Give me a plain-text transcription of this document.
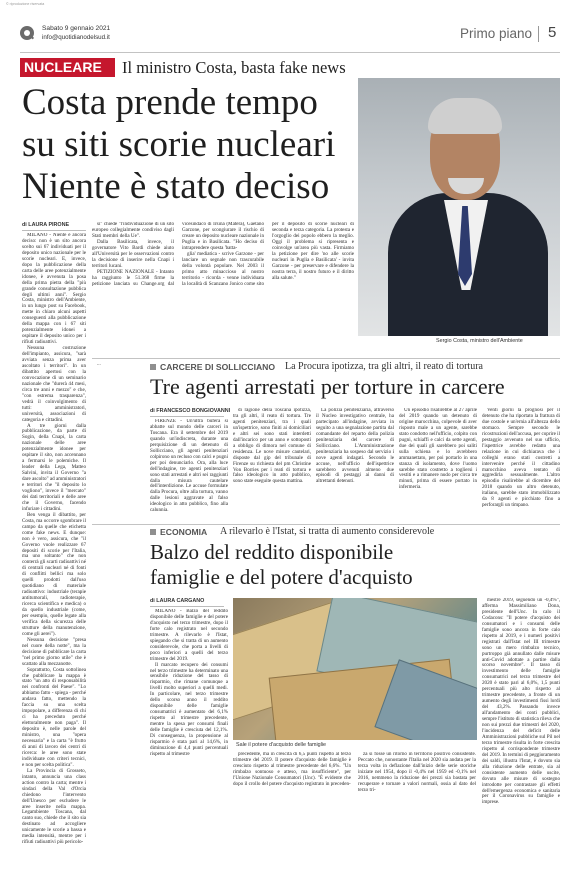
© riproduzione riservata
Sabato 9 gennaio 2021
info@quotidianodelsud.it	Primo piano 5
NUCLEARE	Il ministro Costa, basta fake news
Costa prende tempo
su siti scorie nucleari
Niente è stato deciso
Sergio Costa, ministro dell'Ambiente
di LAURA PIRONE

MILANO - Niente è ancora deciso: non è un sito ancora scelto sui 67 individuati per il deposito unico nazionale per le scorie nucleari. E, invece, dopo la pubblicazione della carta delle aree potenzialmente idonee, è avvenuta la posa della prima pietra della "più grande consultazione pubblica degli ultimi anni". Sergio Costa, ministro dell'Ambiente, in un lungo post su Facebook, mette in chiaro alcuni aspetti conseguenti alla pubblicazione della mappa con i 67 siti potenzialmente idonei a ospitare il deposito unico per i rifiuti radioattivi.

Nessuna costruzione dell'impianto, assicura, "sarà avviata senza prima aver ascoltato i territori". In un dibattito apertosi con la convocazione di un seminario nazionale che "durerà 44 mesi, circa tre anni e mezzo" e che, "con estrema trasparenza", vedrà il coinvolgimento di tutti: amministratori, università, associazioni di categoria e cittadini.

A tre giorni dalla pubblicazione, da parte di Sogin, della Cnapi, la carta nazionale delle aree potenzialmente idonee per ospitare il sito, non accennano a fermarsi le polemiche. Il leader della Lega, Matteo Salvini, invita il Governo "a dare ascolto" ad amministratori e territori che "il deposito lo vogliono", invece il "mercato" dei dati territoriali e delle aree che il Governo, facendo infuriare i cittadini.

Ben venga il dibattito, per Costa, ma occorre sgombrare il campo da quelle che etichetta come fake news. E dunque: non è vero, assicura, che "il Governo vuole realizzare 67 depositi di scorie per l'Italia, ma uno soltanto" che non conterrà gli scarti radioattivi né di centrali nucleari né di fonti di conflitti bellici ma solo quelli prodotti dall'uso quotidiano di materiale radioattivo: industriale (terapie antitumorali, radioterapie, ricerca scientifica e medica) o da quello industriale (come, per esempio, quelle legate alla verifica della sicurezza delle strutture della manutenzione, come gli aerei").

Nessuna decisione "presa nel cuore della notte", ma la decisione di pubblicare la carta "nel primo giorno utile" che è scattato alla mezzanotte.

Soprattutto, Costa sottolinea che pubblicare la mappa è stato "un atto di responsabilità nei confronti del Paese". "Lo abbiamo fatto - spiega - perché andava fatto, mettendo la faccia su una scelta impopolare, a differenza di chi ci ha preceduto perché elettoralmente non paga". Il deposito è, nelle parole del ministro, una "opera necessaria" e la carta "è frutto di anni di lavoro dei centri di ricerca: le aree sono state individuate con criteri tecnici, e non per scelta politica".

La Provincia di Grosseto, intanto, annuncia una class action contro la carta; mentre i sindaci della Val d'Orcia chiedono l'intervento dell'Unesco per escludere le aree inserite nella mappa. Legambiente Toscana, dal canto suo, chiede che il sito sia destinato ad accogliere unicamente le scorie a bassa e media intensità, mentre per i rifiuti radioattivi più pericolo-

si" chiede "l'individuazione di un sito europeo collegialmente condiviso dagli Stati membri della Ue".

Dalla Basilicata, invece, il governatore Vito Bardi chiede aiuto all'Università per le osservazioni contro la decisione di inserire nella Cnapi i territori lucani.

PETIZIONE NAZIONALE - Intanto ha raggiunto le 51.368 firme la petizione lanciata su Change.org dal vicesindaco di Irsina (Matera), Gaetano Garzone, per scongiurare il rischio di creare un deposito nucleare nazionale in Puglia e in Basilicata. "Ho deciso di intraprendere questa 'batta-

glia' mediatica - scrive Garzone - per lanciare un segnale non trascurabile della volontà popolare. Nel 2003 il primo atto minaccioso al nostro territorio - ricorda - venne individuata la località di Scanzano Jonico come sito per il deposito di scorie nucleari di seconda e terza categoria. La protesta e l'orgoglio dei popolo ebbero la meglio. Oggi il problema si ripresenta e coinvolge un'area più vasta. Firmiamo la petizione per dire 'no alle scorie nucleari in Puglia e Basilicata' - invita Garzone - per preservare e difendere la nostra terra, il nostro futuro e il diritto alla salute."

CARCERE DI SOLLICCIANO La Procura ipotizza, tra gli altri, il reato di tortura
Tre agenti arrestati per torture in carcere
di FRANCESCO BONGIOVANNI

FIRENZE - Un'ultra bufera si abbatte sul mondo delle carceri in Toscana. Era il settembre del 2019 quando un'indiscreta, durante una perquisizione di un detenuto di Sollicciano, gli agenti penitenziari colpirono un recluso con calci e pugni per poi denunciarlo. Ora, alla luce dell'indagine, tre agenti penitenziari sono stati arrestati e altri sei raggiunti dalla misura cautelare dell'interdizione. Le accuse formulate dalla Procura, oltre alla tortura, vanno dalle lesioni aggravate al falso ideologico in atto pubblico, fino alla calunnia.

di ragione della Toscana ipotizza, tra gli altri, il reato di tortura. Tre agenti penitenziari, tra i quali un'ispettrice, sono finiti ai domiciliari e altri sei sono stati interdetti dall'incarico per un anno e sottoposti a obbligo di dimora nel comune di residenza. Le nove misure cautelari, disposte dal gip del tribunale di Firenze su richiesta del pm Christine Von Borries per i reati di tortura e falso ideologico in atto pubblico, sono state eseguite questa mattina.

La polizia penitenziaria, attraverso il Nucleo investigativo centrale, ha partecipato all'indagine, avviata in seguito a una segnalazione partita dal comandante del reparto della polizia penitenziaria del carcere di Sollicciano. L'Amministrazione penitenziaria ha sospeso dal servizio i nove agenti indagati. Secondo le accuse, nell'ufficio dell'ispettrice sarebbero avvenuti almeno due episodi di pestaggi ai danni di altrettanti detenuti.

Un episodio risalirebbe al 27 aprile del 2019 quando un detenuto di origine marocchina, colpevole di aver risposto male a un agente, sarebbe stato condotto nell'ufficio, colpito con pugni, schiaffi e calci da sette agenti, due dei quali gli sarebbero poi saliti sulla schiena e lo avrebbero ammanettato, per poi portarlo in una stanza di isolamento, dove l'uomo sarebbe stato costretto a togliersi i vestiti e a rimanere nudo per circa tre minuti, prima di essere portato in infermeria.

Venti giorni la prognosi per il detenuto che ha riportato la frattura di due costole e un'ernia all'altezza dello stomaco. Sempre secondo le ricostruzioni dell'accusa, per coprire il pestaggio avvenuto nel suo ufficio, l'ispettrice avrebbe redatto una relazione in cui dichiarava che i colleghi erano stati costretti a intervenire perché il cittadino marocchino aveva tentato di aggredirla sessualmente. L'altro episodio risalirebbe al dicembre del 2018 quando un altro detenuto, italiano, sarebbe stato immobilizzato da 8 agenti e picchiato fino a perforargli un timpano.

ECONOMIA A rilevarlo è l'Istat, si tratta di aumento considerevole
Balzo del reddito disponibile
famiglie e del potere d'acquisto
di LAURA CARGANO

MILANO - Balzo del reddito disponibile delle famiglie e del potere d'acquisto nel terzo trimestre, dopo il forte calo registrato nel secondo trimestre. A rilevarlo è l'Istat, spiegando che si tratta di un aumento considerevole, che porta a livelli di poco inferiori a quelli del terzo trimestre del 2019.

Il marcato recupero dei consumi nel terzo trimestre ha determinato una sensibile riduzione del tasso di risparmio, che rimane comunque a livelli molto superiori a quelli medi. In particolare, nel terzo trimestre dello scorso anno il reddito disponibile delle famiglie consumatrici è aumentato del 6,1% rispetto al trimestre precedente, mentre la spesa per consumi finali delle famiglie è cresciuta del 12,1%. Di conseguenza, la propensione al risparmio è stata pari al 14,6%, in diminuzione di 4,4 punti percentuali rispetto al trimestre

Sale il potere d'acquisto delle famiglie

precedente, ma in crescita di 6,5 punti rispetto al terzo trimestre del 2019. Il potere d'acquisto delle famiglie è cresciuto rispetto al trimestre precedente del 6,6%. "Un rimbalzo sontuoso e atteso, ma insufficiente", per l'Unione Nazionale Consumatori (Unc). "È evidente che dopo il crollo del potere d'acquisto registrato in preceden-

za si fosse un ritorno in territorio positivo consistente. Peccato che, nonostante l'Italia nel 2020 sia andata per la terza volta in deflazione dall'inizio delle serie storiche iniziate nel 1954, dopo il -0,4% nel 1959 ed -0,1% nel 2016, nemmeno la riduzione dei prezzi sia bastata per recuperare e tornare a valori normali, ossia al dato del terzo tri-

mestre 2019, seguendo un -0,4%", afferma Massimiliano Dona, presidente dell'Unc. In calo il Codacons: "Il potere d'acquisto dei consumatori e i consumi delle famiglie sono ancora in forte calo rispetto al 2019, e i numeri positivi registrati dall'Istat nel III trimestre sono un mero rimbalzo tecnico, purtroppo già annullato dalle misure anti-Covid adottate a partire dalla scorso novembre". Il tasso di investimento delle famiglie consumatrici nel terzo trimestre del 2020 è stato pari al 6,0%, 1,5 punti percentuali più alto rispetto al trimestre precedente, a fronte di un aumento degli investimenti fissi lordi del 43,2%. Passando invece all'andamento dei conti pubblici, sempre l'istituto di statistica rileva che non sui prezzi due trimestri del 2020, l'incidenza del deficit delle Amministrazioni pubbliche sul Pil nel terzo trimestre risulta in forte crescita rispetto al corrispondente trimestre del 2019. In termini di peggioramento dei saldi, illustra l'Istat, è dovuto sia alla riduzione delle entrate, sia al consistente aumento delle uscite, dovuto alle misure di sostegno introdotte per contrastare gli effetti dell'emergenza economica e sanitaria per il Coronavirus su famiglie e imprese.

...
